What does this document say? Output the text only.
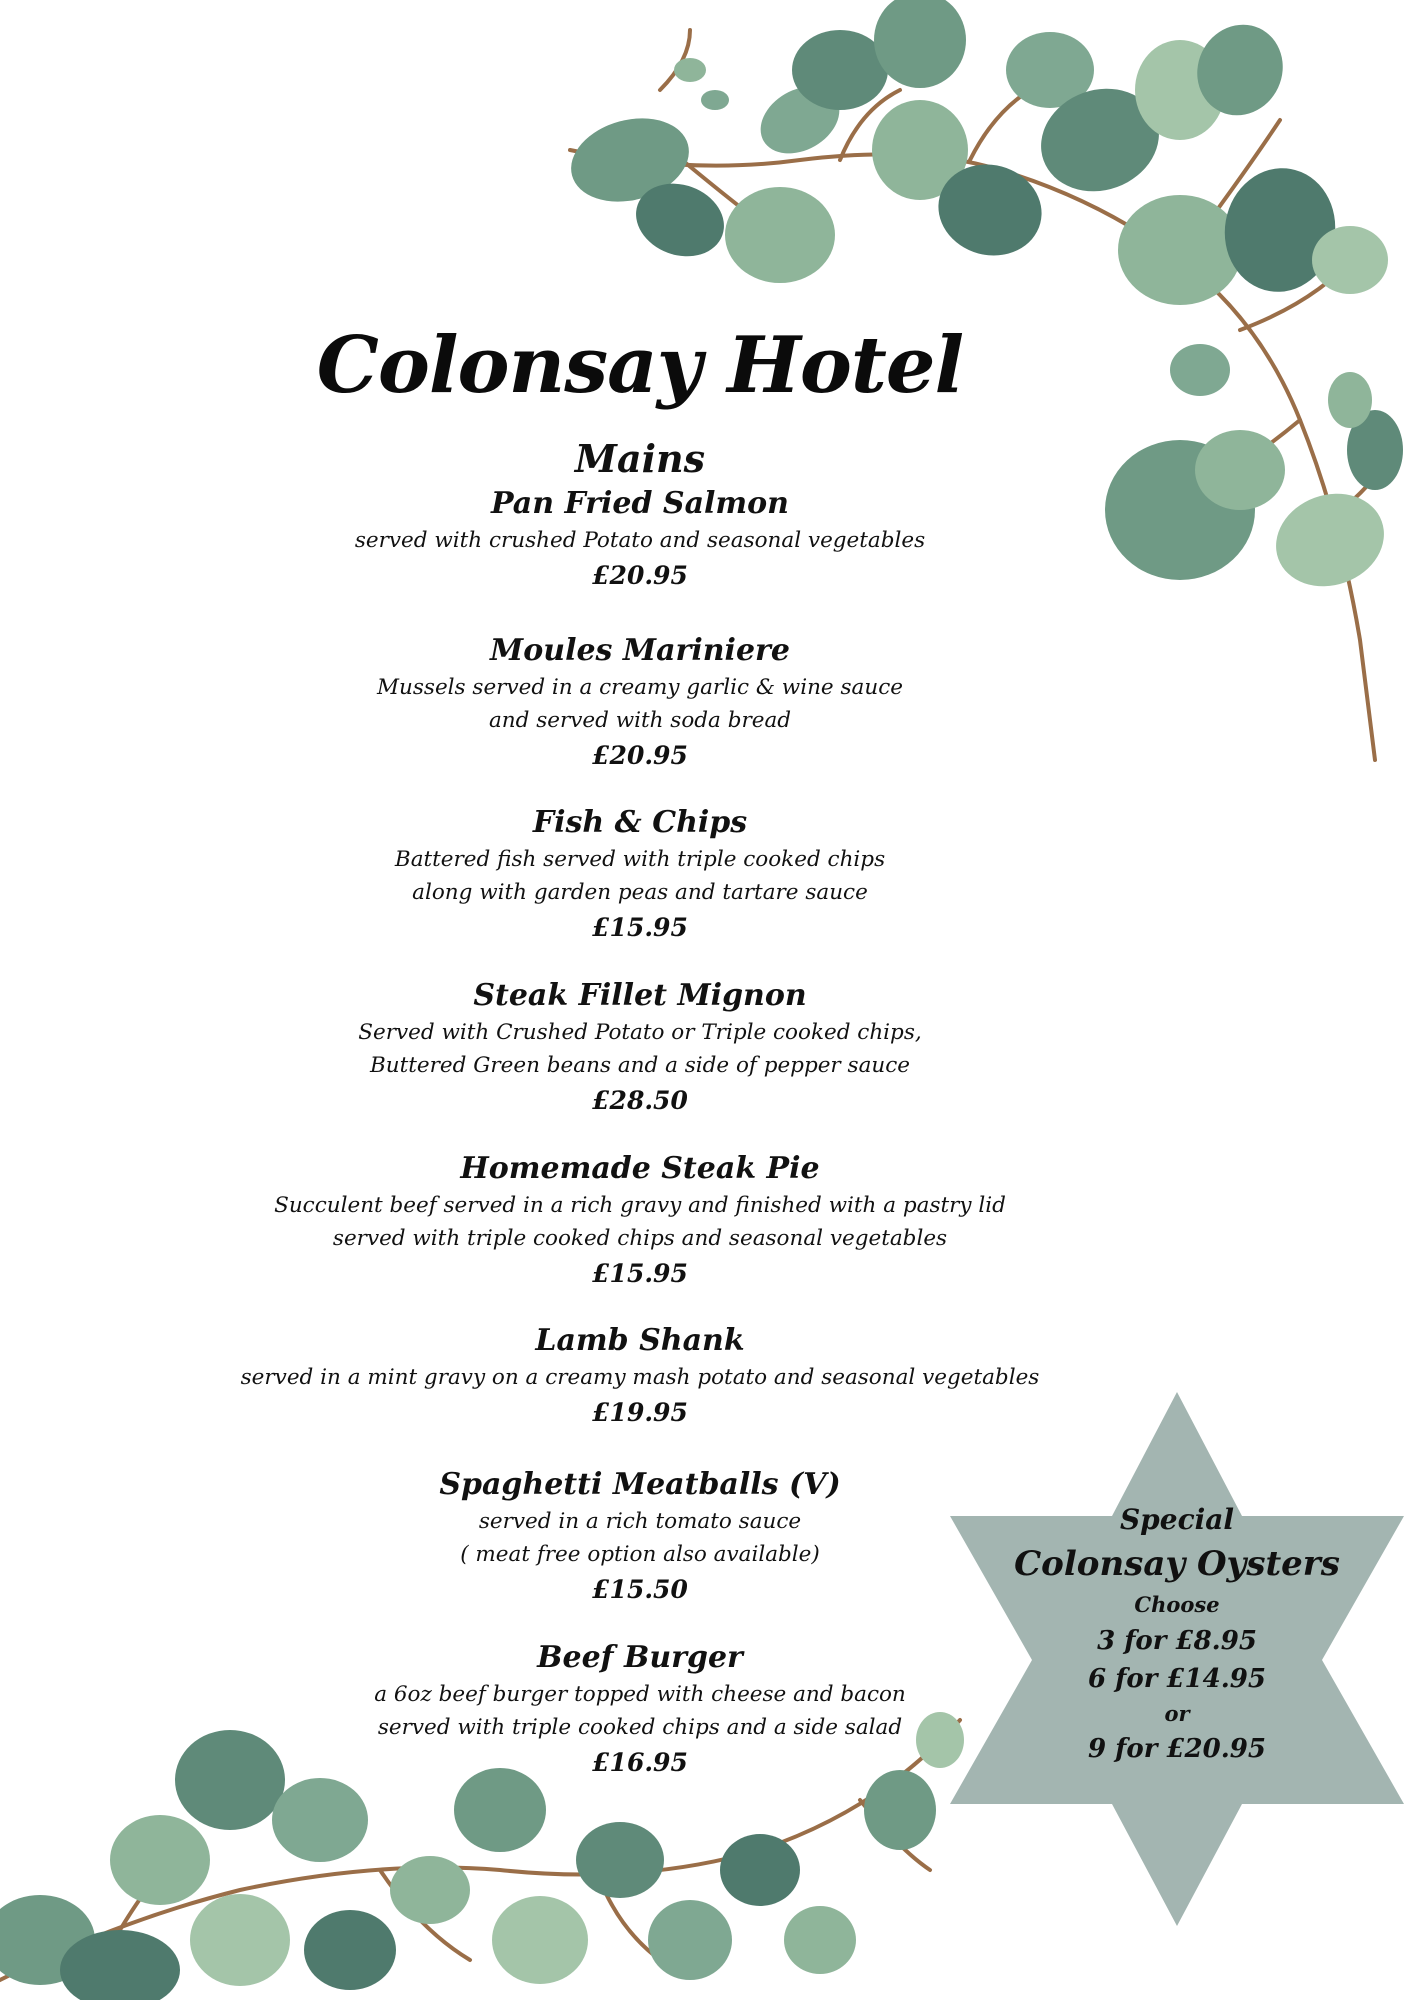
Colonsay Hotel
Mains
Pan Fried Salmon
served with crushed Potato and seasonal vegetables
£20.95
Moules Mariniere
Mussels served in a creamy garlic & wine sauce
and served with soda bread
£20.95
Fish & Chips
Battered fish served with triple cooked chips
along with garden peas and tartare sauce
£15.95
Steak Fillet Mignon
Served with Crushed Potato or Triple cooked chips,
Buttered Green beans and a side of pepper sauce
£28.50
Homemade Steak Pie
Succulent beef served in a rich gravy and finished with a pastry lid
served with triple cooked chips and seasonal vegetables
£15.95
Lamb Shank
served in a mint gravy on a creamy mash potato and seasonal vegetables
£19.95
Spaghetti Meatballs (V)
served in a rich tomato sauce
( meat free option also available)
£15.50
Beef Burger
a 6oz beef burger topped with cheese and bacon
served with triple cooked chips and a side salad
£16.95
Special
Colonsay Oysters
Choose
3 for £8.95
6 for £14.95
or
9 for £20.95
